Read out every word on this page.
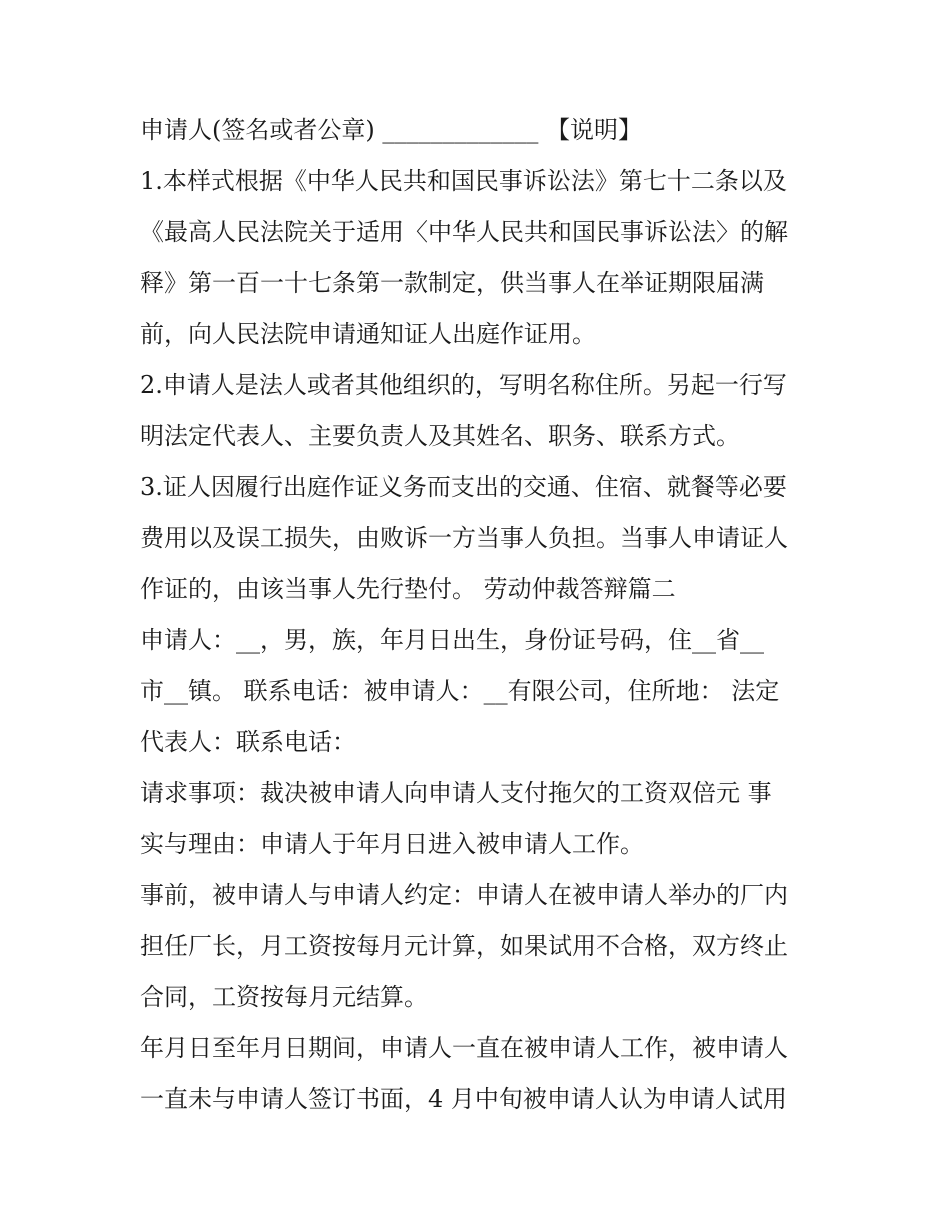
申请人(签名或者公章) _____________ 【说明】
1.本样式根据《中华人民共和国民事诉讼法》第七十二条以及
《最高人民法院关于适用〈中华人民共和国民事诉讼法〉的解
释》第一百一十七条第一款制定，供当事人在举证期限届满
前，向人民法院申请通知证人出庭作证用。
2.申请人是法人或者其他组织的，写明名称住所。另起一行写
明法定代表人、主要负责人及其姓名、职务、联系方式。
3.证人因履行出庭作证义务而支出的交通、住宿、就餐等必要
费用以及误工损失，由败诉一方当事人负担。当事人申请证人
作证的，由该当事人先行垫付。 劳动仲裁答辩篇二
申请人：__，男，族，年月日出生，身份证号码，住__省__
市__镇。 联系电话：被申请人：__有限公司，住所地： 法定
代表人：联系电话：
请求事项：裁决被申请人向申请人支付拖欠的工资双倍元 事
实与理由：申请人于年月日进入被申请人工作。
事前，被申请人与申请人约定：申请人在被申请人举办的厂内
担任厂长，月工资按每月元计算，如果试用不合格，双方终止
合同，工资按每月元结算。
年月日至年月日期间，申请人一直在被申请人工作，被申请人
一直未与申请人签订书面，4 月中旬被申请人认为申请人试用
